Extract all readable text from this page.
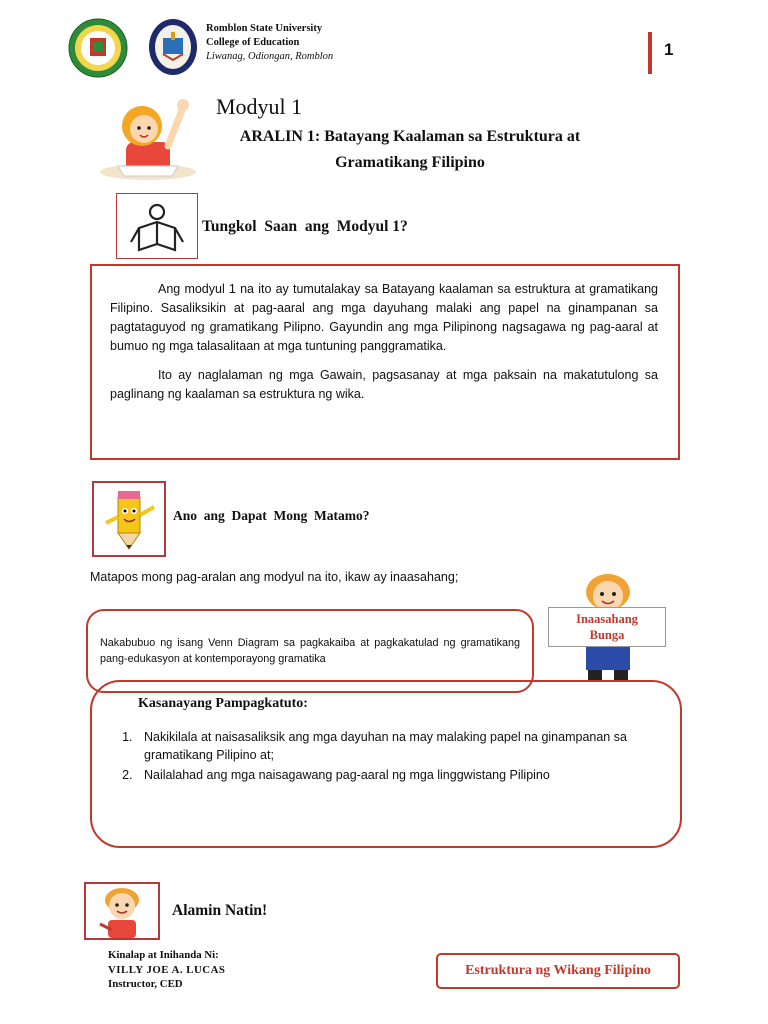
Romblon State University
College of Education
Liwanag, Odiongan, Romblon	1
Modyul 1
ARALIN 1: Batayang Kaalaman sa Estruktura at
Gramatikang Filipino
Tungkol  Saan  ang  Modyul 1?

Ang modyul 1 na ito ay tumutalakay sa Batayang kaalaman sa estruktura at gramatikang Filipino. Sasaliksikin at pag-aaral ang mga dayuhang malaki ang papel na ginampanan sa pagtataguyod ng gramatikang Pilipno. Gayundin ang mga Pilipinong nagsagawa ng pag-aaral at bumuo ng mga talasalitaan at mga tuntuning panggramatika.

Ito ay naglalaman ng mga Gawain, pagsasanay at mga paksain na makatutulong sa paglinang ng kaalaman sa estruktura ng wika.

Ano  ang  Dapat  Mong  Matamo?
Matapos mong pag-aralan ang modyul na ito, ikaw ay inaasahang;
Nakabubuo ng isang Venn Diagram sa pagkakaiba at pagkakatulad ng gramatikang pang-edukasyon at kontemporayong gramatika
Inaasahang Bunga
Kasanayang Pampagkatuto:
1. Nakikilala at naisasaliksik ang mga dayuhan na may malaking papel na ginampanan sa gramatikang Pilipino at;
2. Nailalahad ang mga naisagawang pag-aaral ng mga linggwistang Pilipino
Alamin Natin!
Kinalap at Inihanda Ni:
VILLY JOE A. LUCAS
Instructor, CED
Estruktura ng Wikang Filipino
